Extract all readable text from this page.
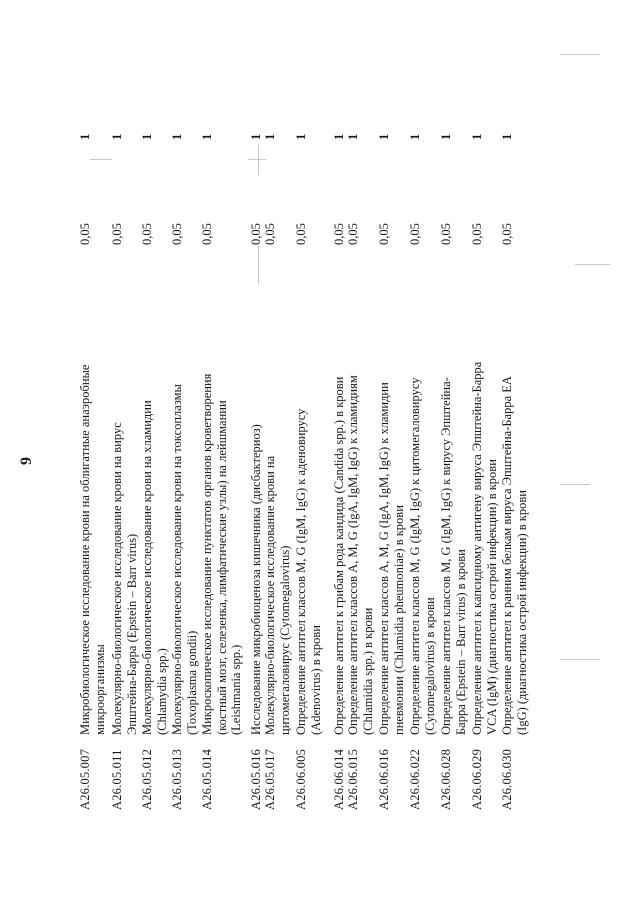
9
A26.05.007
Микробиологическое исследование крови на облигатные анаэробные микроорганизмы
0,05
1
A26.05.011
Молекулярно-биологическое исследование крови на вирус Эпштейна-Барра (Epstein – Barr virus)
0,05
1
A26.05.012
Молекулярно-биологическое исследование крови на хламидии (Chlamydia spp.)
0,05
1
A26.05.013
Молекулярно-биологическое исследование крови на токсоплазмы (Toxoplasma gondii)
0,05
1
A26.05.014
Микроскопическое исследование пунктатов органов кроветворения (костный мозг, селезенка, лимфатические узлы) на лейшмании (Leishmania spp.)
0,05
1
A26.05.016
Исследование микробиоценоза кишечника (дисбактериоз)
0,05
1
A26.05.017
Молекулярно-биологическое исследование крови на цитомегаловирус (Cytomegalovirus)
0,05
1
A26.06.005
Определение антител классов M, G (IgM, IgG) к аденовирусу (Adenovirus) в крови
0,05
1
A26.06.014
Определение антител к грибам рода кандида (Candida spp.) в крови
0,05
1
A26.06.015
Определение антител классов A, M, G (IgA, IgM, IgG) к хламидиям (Chlamidia spp.) в крови
0,05
1
A26.06.016
Определение антител классов A, M, G (IgA, IgM, IgG) к хламидии пневмонии (Chlamidia pheumoniae) в крови
0,05
1
A26.06.022
Определение антител классов M, G (IgM, IgG) к цитомегаловирусу (Cytomegalovirus) в крови
0,05
1
A26.06.028
Определение антител классов M, G (IgM, IgG) к вирусу Эпштейна- Барра (Epstein – Barr virus) в крови
0,05
1
A26.06.029
Определение антител к капсидному антигену вируса Эпштейна-Барра VCA (IgM) (диагностика острой инфекции) в крови
0,05
1
A26.06.030
Определение антител к ранним белкам вируса Эпштейна-Барра EA (IgG) (диагностика острой инфекции) в крови
0,05
1
